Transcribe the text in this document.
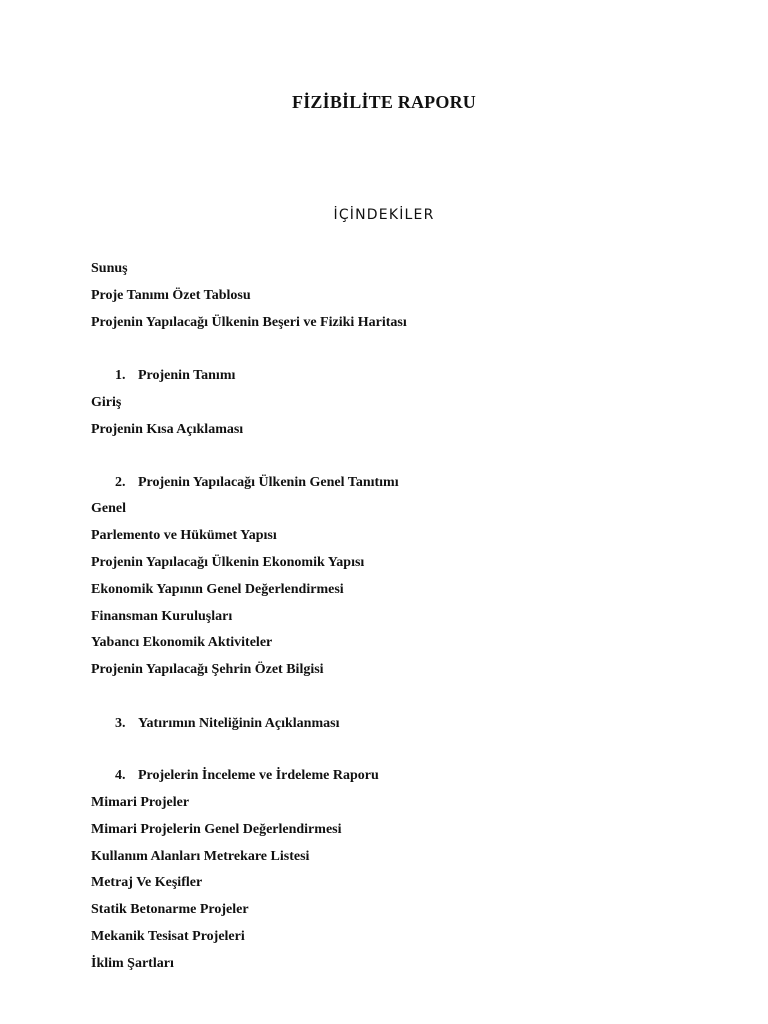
FİZİBİLİTE RAPORU
İÇİNDEKİLER
Sunuş
Proje Tanımı Özet Tablosu
Projenin Yapılacağı Ülkenin Beşeri ve Fiziki Haritası
1. Projenin Tanımı
Giriş
Projenin Kısa Açıklaması
2. Projenin Yapılacağı Ülkenin Genel Tanıtımı
Genel
Parlemento ve Hükümet Yapısı
Projenin Yapılacağı Ülkenin Ekonomik Yapısı
Ekonomik Yapının Genel Değerlendirmesi
Finansman Kuruluşları
Yabancı Ekonomik Aktiviteler
Projenin Yapılacağı Şehrin Özet Bilgisi
3. Yatırımın Niteliğinin Açıklanması
4. Projelerin İnceleme ve İrdeleme Raporu
Mimari Projeler
Mimari Projelerin Genel Değerlendirmesi
Kullanım Alanları Metrekare Listesi
Metraj Ve Keşifler
Statik Betonarme Projeler
Mekanik Tesisat Projeleri
İklim Şartları
